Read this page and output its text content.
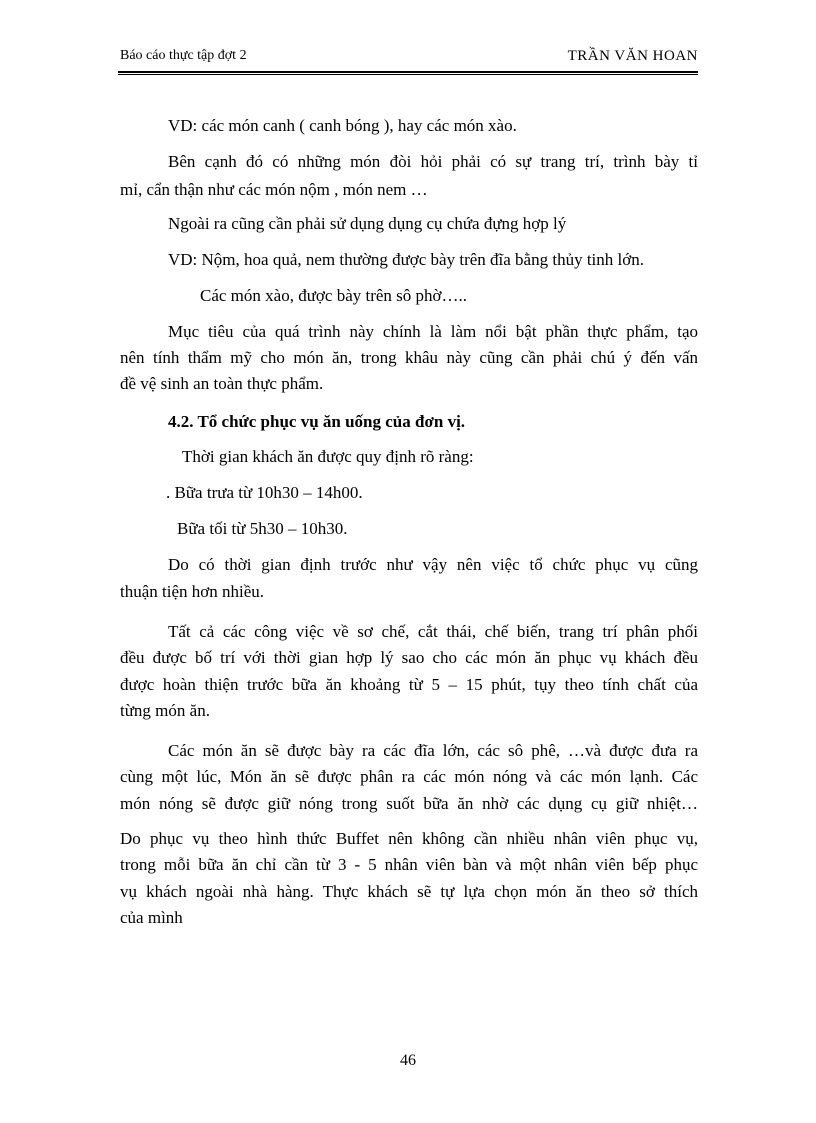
Báo cáo thực tập đợt 2	TRẦN VĂN HOAN
VD: các món canh ( canh bóng ), hay các món xào.
Bên cạnh đó có những món đòi hỏi phải có sự trang trí, trình bày tỉ
mỉ, cẩn thận như các món nộm , món nem …
Ngoài ra cũng cần phải sử dụng dụng cụ chứa đựng hợp lý
VD: Nộm, hoa quả, nem thường được bày trên đĩa bằng thủy tinh lớn.
Các món xào, được bày trên sô phờ…..
Mục tiêu của quá trình này chính là làm nổi bật phần thực phẩm, tạo
nên tính thẩm mỹ cho món ăn, trong khâu này cũng cần phải chú ý đến vấn
đề vệ sinh an toàn thực phẩm.
4.2. Tổ chức phục vụ ăn uống của đơn vị.
Thời gian khách ăn được quy định rõ ràng:
. Bữa trưa từ 10h30 – 14h00.
Bữa tối từ 5h30 – 10h30.
Do có thời gian định trước như vậy nên việc tổ chức phục vụ cũng
thuận tiện hơn nhiều.
Tất cả các công việc về sơ chế, cắt thái, chế biến, trang trí phân phối
đều được bố trí với thời gian hợp lý sao cho các món ăn phục vụ khách đều
được hoàn thiện trước bữa ăn khoảng từ 5 – 15 phút, tụy theo tính chất của
từng món ăn.
Các món ăn sẽ được bày ra các đĩa lớn, các sô phê, …và được đưa ra
cùng một lúc, Món ăn sẽ được phân ra các món nóng và các món lạnh. Các
món nóng sẽ được giữ nóng trong suốt bữa ăn nhờ các dụng cụ giữ nhiệt…
Do phục vụ theo hình thức Buffet nên không cần nhiều nhân viên phục vụ,
trong mỗi bữa ăn chỉ cần từ 3 - 5 nhân viên bàn và một nhân viên bếp phục
vụ khách ngoài nhà hàng. Thực khách sẽ tự lựa chọn món ăn theo sở thích
của mình
46
